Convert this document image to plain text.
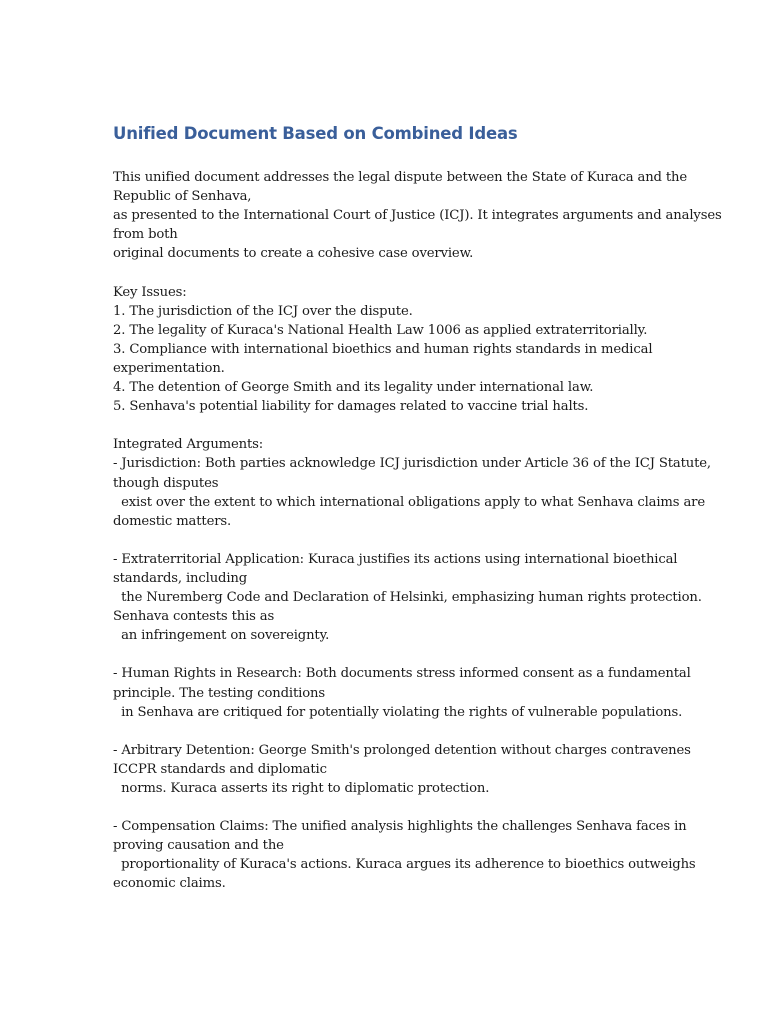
Unified Document Based on Combined Ideas
This unified document addresses the legal dispute between the State of Kuraca and the
Republic of Senhava,
as presented to the International Court of Justice (ICJ). It integrates arguments and analyses
from both
original documents to create a cohesive case overview.
Key Issues:
1. The jurisdiction of the ICJ over the dispute.
2. The legality of Kuraca's National Health Law 1006 as applied extraterritorially.
3. Compliance with international bioethics and human rights standards in medical
experimentation.
4. The detention of George Smith and its legality under international law.
5. Senhava's potential liability for damages related to vaccine trial halts.
Integrated Arguments:
- Jurisdiction: Both parties acknowledge ICJ jurisdiction under Article 36 of the ICJ Statute,
though disputes
exist over the extent to which international obligations apply to what Senhava claims are
domestic matters.
- Extraterritorial Application: Kuraca justifies its actions using international bioethical
standards, including
the Nuremberg Code and Declaration of Helsinki, emphasizing human rights protection.
Senhava contests this as
an infringement on sovereignty.
- Human Rights in Research: Both documents stress informed consent as a fundamental
principle. The testing conditions
in Senhava are critiqued for potentially violating the rights of vulnerable populations.
- Arbitrary Detention: George Smith's prolonged detention without charges contravenes
ICCPR standards and diplomatic
norms. Kuraca asserts its right to diplomatic protection.
- Compensation Claims: The unified analysis highlights the challenges Senhava faces in
proving causation and the
proportionality of Kuraca's actions. Kuraca argues its adherence to bioethics outweighs
economic claims.
